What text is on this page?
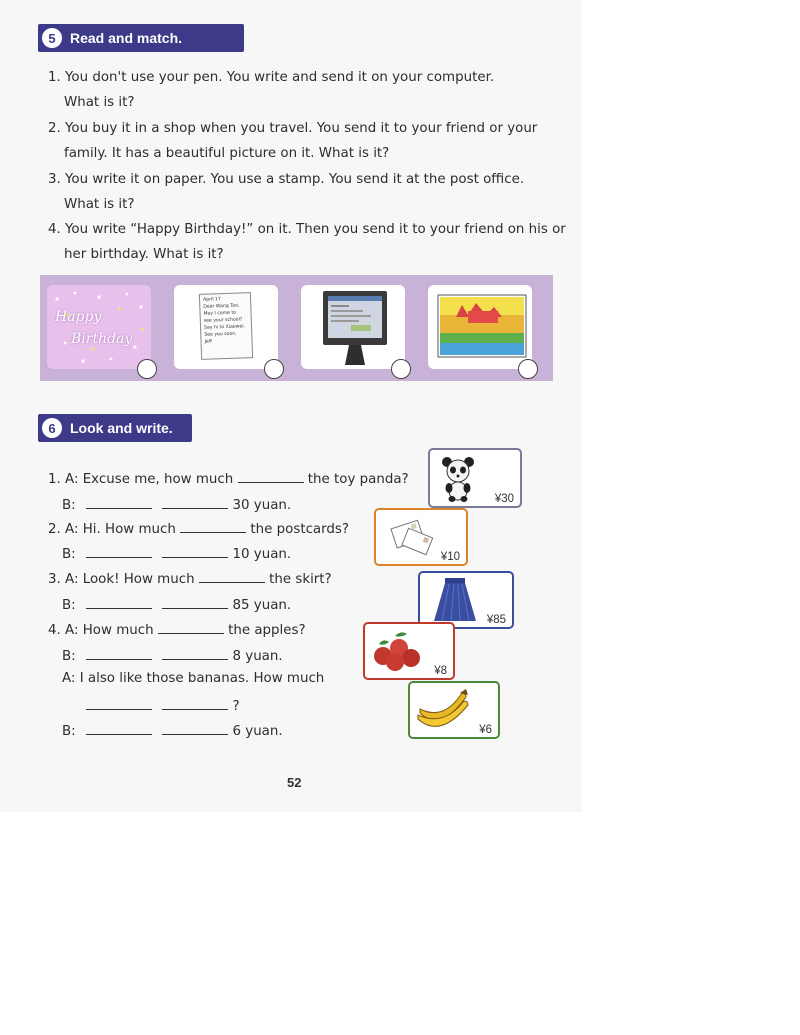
5	Read and match.
1. You don't use your pen. You write and send it on your computer.
What is it?
2. You buy it in a shop when you travel. You send it to your friend or your
family. It has a beautiful picture on it. What is it?
3. You write it on paper. You use a stamp. You send it at the post office.
What is it?
4. You write “Happy Birthday!” on it. Then you send it to your friend on his or
her birthday. What is it?
Happy
Birthday
April 17
Dear Wang Tao,
May I come to
see your school?
Say hi to Xiaowei.
See you soon,
Jeff
6	Look and write.
1. A: Excuse me, how much	the toy panda?
B:	30 yuan.
2. A: Hi. How much	the postcards?
B:	10 yuan.
3. A: Look! How much	the skirt?
B:	85 yuan.
4. A: How much	the apples?
B:	8 yuan.
A: I also like those bananas. How much
?
B:	6 yuan.
¥30
¥10
¥85
¥8
¥6
52
